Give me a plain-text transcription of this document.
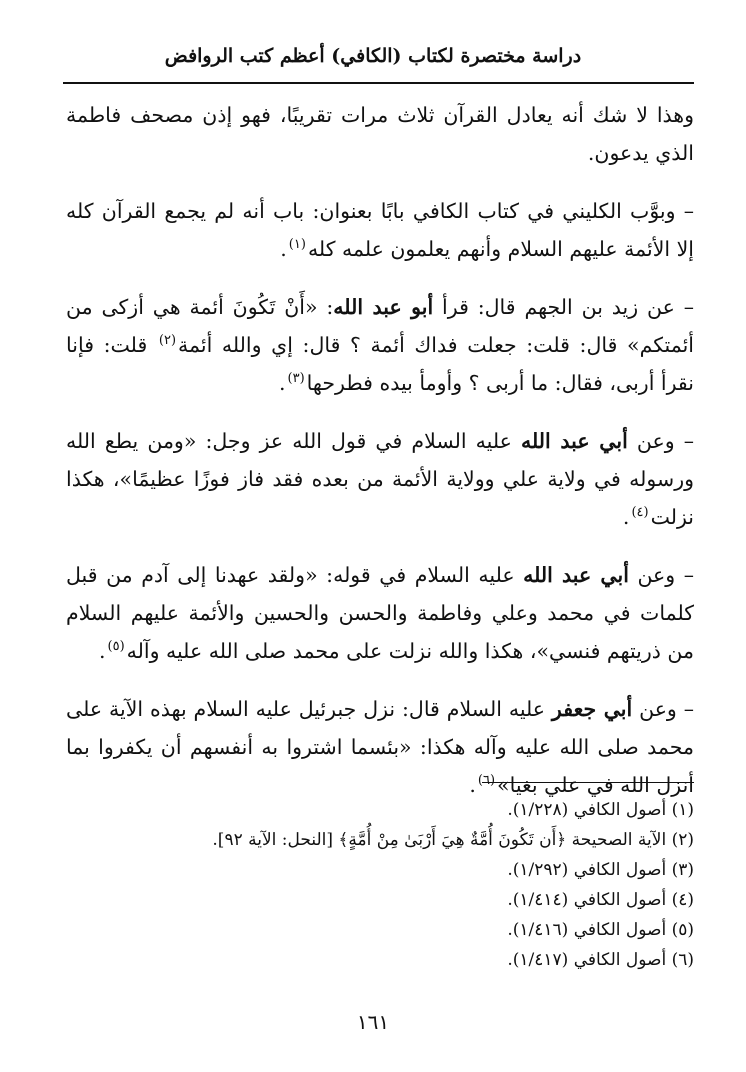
دراسة مختصرة لكتاب (الكافي) أعظم كتب الروافض

وهذا لا شك أنه يعادل القرآن ثلاث مرات تقريبًا، فهو إذن مصحف فاطمة الذي يدعون.

– وبوَّب الكليني في كتاب الكافي بابًا بعنوان: باب أنه لم يجمع القرآن كله إلا الأئمة عليهم السلام وأنهم يعلمون علمه كله$^{(١)}$.

– عن زيد بن الجهم قال: قرأ أبو عبد الله: «أَنْ تَكُونَ أئمة هي أزكى من أئمتكم» قال: قلت: جعلت فداك أئمة ؟ قال: إي والله أئمة$^{(٢)}$ قلت: فإنا نقرأ أربى، فقال: ما أربى ؟ وأومأ بيده فطرحها$^{(٣)}$.

– وعن أبي عبد الله عليه السلام في قول الله عز وجل: «ومن يطع الله ورسوله في ولاية علي وولاية الأئمة من بعده فقد فاز فوزًا عظيمًا»، هكذا نزلت$^{(٤)}$.

– وعن أبي عبد الله عليه السلام في قوله: «ولقد عهدنا إلى آدم من قبل كلمات في محمد وعلي وفاطمة والحسن والحسين والأئمة عليهم السلام من ذريتهم فنسي»، هكذا والله نزلت على محمد صلى الله عليه وآله$^{(٥)}$.

– وعن أبي جعفر عليه السلام قال: نزل جبرئيل عليه السلام بهذه الآية على محمد صلى الله عليه وآله هكذا: «بئسما اشتروا به أنفسهم أن يكفروا بما أنزل الله في علي بغيا»$^{(٦)}$.

(١) أصول الكافي (١/٢٢٨).

(٢) الآية الصحيحة ﴿أَن تَكُونَ أُمَّةٌ هِيَ أَرْبَىٰ مِنْ أُمَّةٍ﴾ [النحل: الآية ٩٢].

(٣) أصول الكافي (١/٢٩٢).

(٤) أصول الكافي (١/٤١٤).

(٥) أصول الكافي (١/٤١٦).

(٦) أصول الكافي (١/٤١٧).

١٦١
